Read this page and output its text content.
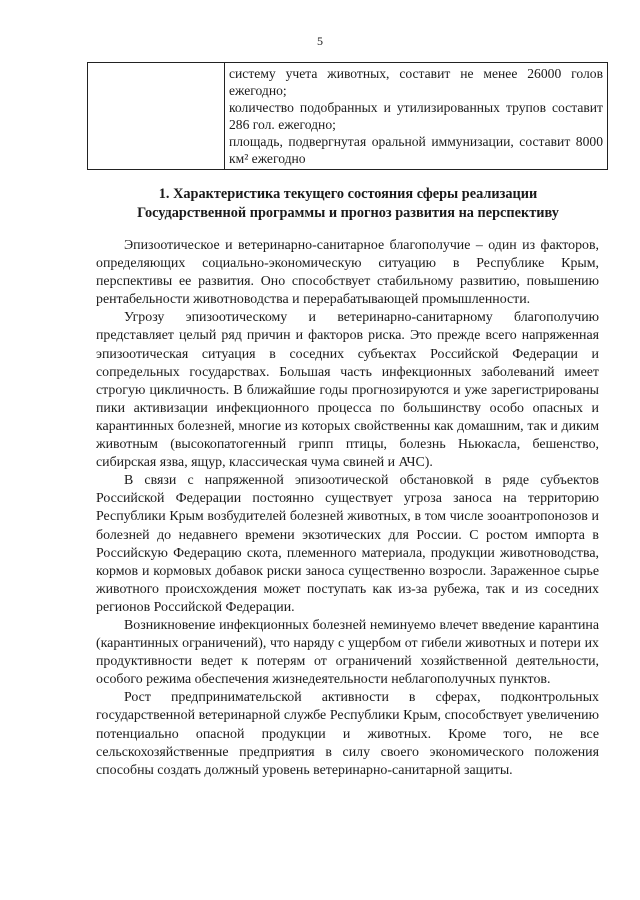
5

систему учета животных, составит не менее 26000 голов ежегодно;

количество подобранных и утилизированных трупов составит 286 гол. ежегодно;

площадь, подвергнутая оральной иммунизации, составит 8000 км² ежегодно

1. Характеристика текущего состояния сферы реализации
Государственной программы и прогноз развития на перспективу

Эпизоотическое и ветеринарно-санитарное благополучие – один из факторов, определяющих социально-экономическую ситуацию в Республике Крым, перспективы ее развития. Оно способствует стабильному развитию, повышению рентабельности животноводства и перерабатывающей промышленности.

Угрозу эпизоотическому и ветеринарно-санитарному благополучию представляет целый ряд причин и факторов риска. Это прежде всего напряженная эпизоотическая ситуация в соседних субъектах Российской Федерации и сопредельных государствах. Большая часть инфекционных заболеваний имеет строгую цикличность. В ближайшие годы прогнозируются и уже зарегистрированы пики активизации инфекционного процесса по большинству особо опасных и карантинных болезней, многие из которых свойственны как домашним, так и диким животным (высокопатогенный грипп птицы, болезнь Ньюкасла, бешенство, сибирская язва, ящур, классическая чума свиней и АЧС).

В связи с напряженной эпизоотической обстановкой в ряде субъектов Российской Федерации постоянно существует угроза заноса на территорию Республики Крым возбудителей болезней животных, в том числе зооантропонозов и болезней до недавнего времени экзотических для России. С ростом импорта в Российскую Федерацию скота, племенного материала, продукции животноводства, кормов и кормовых добавок риски заноса существенно возросли. Зараженное сырье животного происхождения может поступать как из-за рубежа, так и из соседних регионов Российской Федерации.

Возникновение инфекционных болезней неминуемо влечет введение карантина (карантинных ограничений), что наряду с ущербом от гибели животных и потери их продуктивности ведет к потерям от ограничений хозяйственной деятельности, особого режима обеспечения жизнедеятельности неблагополучных пунктов.

Рост предпринимательской активности в сферах, подконтрольных государственной ветеринарной службе Республики Крым, способствует увеличению потенциально опасной продукции и животных. Кроме того, не все сельскохозяйственные предприятия в силу своего экономического положения способны создать должный уровень ветеринарно-санитарной защиты.
